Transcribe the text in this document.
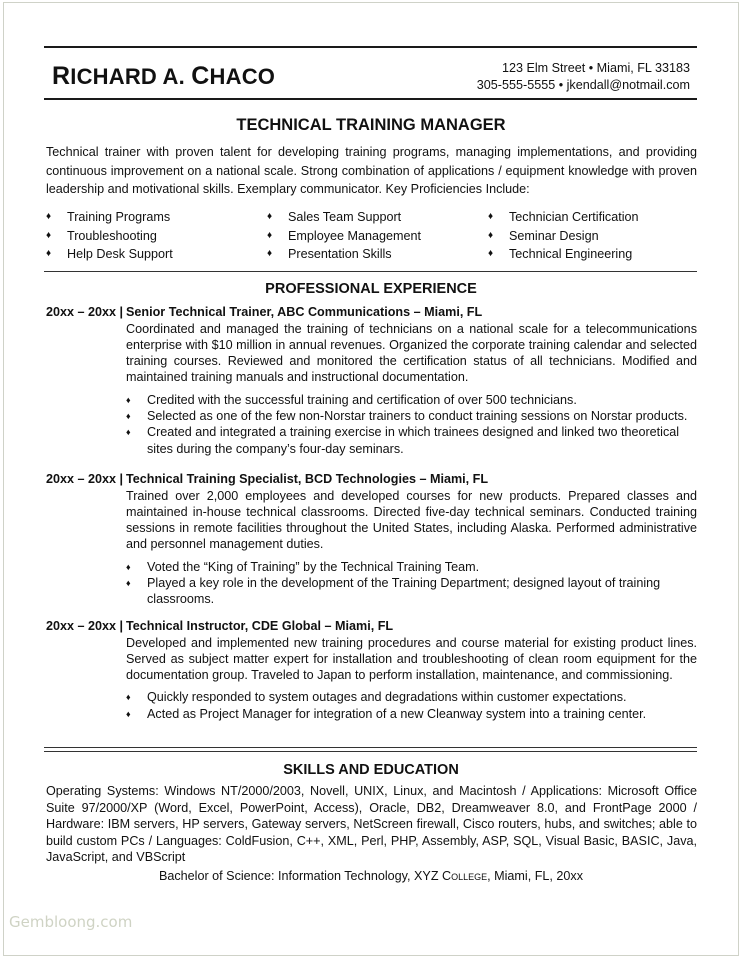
RICHARD A. CHACO	123 Elm Street • Miami, FL 33183
305-555-5555 • jkendall@notmail.com
TECHNICAL TRAINING MANAGER
Technical trainer with proven talent for developing training programs, managing implementations, and providing continuous improvement on a national scale. Strong combination of applications / equipment knowledge with proven leadership and motivational skills. Exemplary communicator. Key Proficiencies Include:
♦	Training Programs	♦	Sales Team Support	♦	Technician Certification
♦	Troubleshooting	♦	Employee Management	♦	Seminar Design
♦	Help Desk Support	♦	Presentation Skills	♦	Technical Engineering
PROFESSIONAL EXPERIENCE
20xx – 20xx | Senior Technical Trainer, ABC Communications – Miami, FL
Coordinated and managed the training of technicians on a national scale for a telecommunications enterprise with $10 million in annual revenues. Organized the corporate training calendar and selected training courses. Reviewed and monitored the certification status of all technicians. Modified and maintained training manuals and instructional documentation.
♦	Credited with the successful training and certification of over 500 technicians.
♦	Selected as one of the few non-Norstar trainers to conduct training sessions on Norstar products.
♦	Created and integrated a training exercise in which trainees designed and linked two theoretical sites during the company’s four-day seminars.
20xx – 20xx | Technical Training Specialist, BCD Technologies – Miami, FL
Trained over 2,000 employees and developed courses for new products. Prepared classes and maintained in-house technical classrooms. Directed five-day technical seminars. Conducted training sessions in remote facilities throughout the United States, including Alaska. Performed administrative and personnel management duties.
♦	Voted the “King of Training” by the Technical Training Team.
♦	Played a key role in the development of the Training Department; designed layout of training classrooms.
20xx – 20xx | Technical Instructor, CDE Global – Miami, FL
Developed and implemented new training procedures and course material for existing product lines. Served as subject matter expert for installation and troubleshooting of clean room equipment for the documentation group. Traveled to Japan to perform installation, maintenance, and commissioning.
♦	Quickly responded to system outages and degradations within customer expectations.
♦	Acted as Project Manager for integration of a new Cleanway system into a training center.
SKILLS AND EDUCATION
Operating Systems: Windows NT/2000/2003, Novell, UNIX, Linux, and Macintosh / Applications: Microsoft Office Suite 97/2000/XP (Word, Excel, PowerPoint, Access), Oracle, DB2, Dreamweaver 8.0, and FrontPage 2000 / Hardware: IBM servers, HP servers, Gateway servers, NetScreen firewall, Cisco routers, hubs, and switches; able to build custom PCs / Languages: ColdFusion, C++, XML, Perl, PHP, Assembly, ASP, SQL, Visual Basic, BASIC, Java, JavaScript, and VBScript
Bachelor of Science: Information Technology, XYZ College, Miami, FL, 20xx
Gembloong.com
